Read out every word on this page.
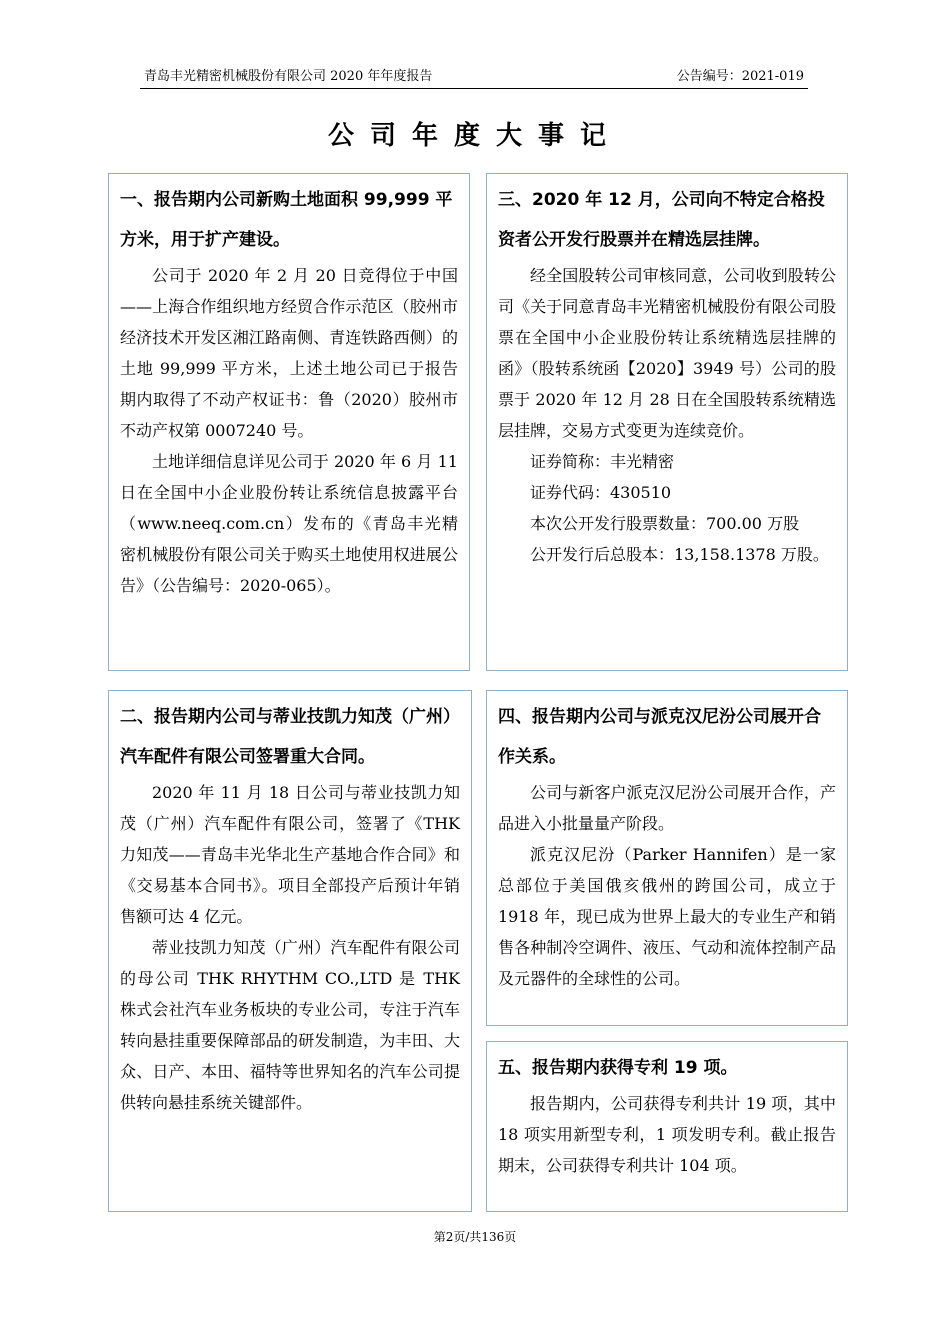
青岛丰光精密机械股份有限公司 2020 年年度报告	公告编号：2021-019
公司年度大事记
一、报告期内公司新购土地面积 99,999 平方米，用于扩产建设。
公司于 2020 年 2 月 20 日竞得位于中国——上海合作组织地方经贸合作示范区（胶州市经济技术开发区湘江路南侧、青连铁路西侧）的土地 99,999 平方米，上述土地公司已于报告期内取得了不动产权证书：鲁（2020）胶州市不动产权第 0007240 号。
土地详细信息详见公司于 2020 年 6 月 11 日在全国中小企业股份转让系统信息披露平台（www.neeq.com.cn）发布的《青岛丰光精密机械股份有限公司关于购买土地使用权进展公告》（公告编号：2020-065）。
三、2020 年 12 月，公司向不特定合格投资者公开发行股票并在精选层挂牌。
经全国股转公司审核同意，公司收到股转公司《关于同意青岛丰光精密机械股份有限公司股票在全国中小企业股份转让系统精选层挂牌的函》（股转系统函【2020】3949 号）公司的股票于 2020 年 12 月 28 日在全国股转系统精选层挂牌，交易方式变更为连续竞价。
证券简称：丰光精密
证券代码：430510
本次公开发行股票数量：700.00 万股
公开发行后总股本：13,158.1378 万股。
二、报告期内公司与蒂业技凯力知茂（广州）汽车配件有限公司签署重大合同。
2020 年 11 月 18 日公司与蒂业技凯力知茂（广州）汽车配件有限公司，签署了《THK 力知茂——青岛丰光华北生产基地合作合同》和《交易基本合同书》。项目全部投产后预计年销售额可达 4 亿元。
蒂业技凯力知茂（广州）汽车配件有限公司的母公司 THK RHYTHM CO.,LTD 是 THK 株式会社汽车业务板块的专业公司，专注于汽车转向悬挂重要保障部品的研发制造，为丰田、大众、日产、本田、福特等世界知名的汽车公司提供转向悬挂系统关键部件。
四、报告期内公司与派克汉尼汾公司展开合作关系。
公司与新客户派克汉尼汾公司展开合作，产品进入小批量量产阶段。
派克汉尼汾（Parker Hannifen）是一家总部位于美国俄亥俄州的跨国公司，成立于 1918 年，现已成为世界上最大的专业生产和销售各种制冷空调件、液压、气动和流体控制产品及元器件的全球性的公司。
五、报告期内获得专利 19 项。
报告期内，公司获得专利共计 19 项，其中 18 项实用新型专利，1 项发明专利。截止报告期末，公司获得专利共计 104 项。
第2页/共136页
